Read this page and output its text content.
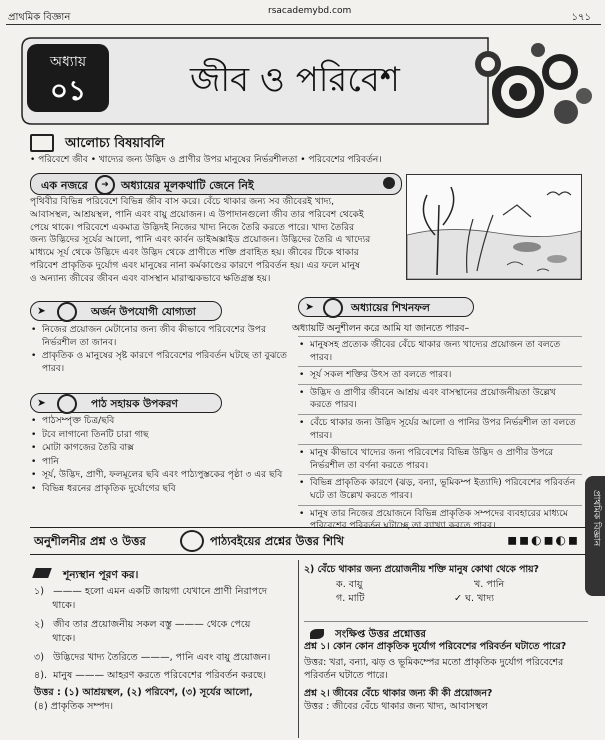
প্রাথমিক বিজ্ঞান
rsacademybd.com
১৭১
অধ্যায়
০১	জীব ও পরিবেশ
আলোচ্য বিষয়াবলি
• পরিবেশে জীব • খাদ্যের জন্য উদ্ভিদ ও প্রাণীর উপর মানুষের নির্ভরশীলতা • পরিবেশের পরিবর্তন।
এক নজরে	➜	অধ্যায়ের মূলকথাটি জেনে নিই
পৃথিবীর বিভিন্ন পরিবেশে বিভিন্ন জীব বাস করে। বেঁচে থাকার জন্য সব জীবেরই খাদ্য,
আবাসস্থল, আশ্রয়স্থল, পানি এবং বায়ু প্রয়োজন। এ উপাদানগুলো জীব তার পরিবেশ থেকেই
পেয়ে থাকে। পরিবেশে একমাত্র উদ্ভিদই নিজের খাদ্য নিজে তৈরি করতে পারে। খাদ্য তৈরির
জন্য উদ্ভিদের সূর্যের আলো, পানি এবং কার্বন ডাইঅক্সাইড প্রয়োজন। উদ্ভিদের তৈরি এ খাদ্যের
মাধ্যমে সূর্য থেকে উদ্ভিদে এবং উদ্ভিদ থেকে প্রাণীতে শক্তি প্রবাহিত হয়। জীবের টিকে থাকার
পরিবেশ প্রাকৃতিক দুর্যোগ এবং মানুষের নানা কর্মকাণ্ডের কারণে পরিবর্তন হয়। এর ফলে মানুষ
ও অন্যান্য জীবের জীবন এবং বাসস্থান মারাত্মকভাবে ক্ষতিগ্রস্ত হয়।
➤	অর্জন উপযোগী যোগ্যতা
• নিজের প্রয়োজন মেটানোর জন্য জীব কীভাবে পরিবেশের উপর নির্ভরশীল তা জানব।
• প্রাকৃতিক ও মানুষের সৃষ্ট কারণে পরিবেশের পরিবর্তন ঘটছে তা বুঝতে পারব।
➤	পাঠ সহায়ক উপকরণ
• পাঠসম্পৃক্ত চিত্র/ছবি
• টবে লাগানো তিনটি চারা গাছ
• মোটা কাগজের তৈরি বাক্স
• পানি
• সূর্য, উদ্ভিদ, প্রাণী, ফলমূলের ছবি এবং পাঠ্যপুস্তকের পৃষ্ঠা ৩ এর ছবি
• বিভিন্ন ধরনের প্রাকৃতিক দুর্যোগের ছবি
➤	অধ্যায়ের শিখনফল
অধ্যায়টি অনুশীলন করে আমি যা জানতে পারব–
• মানুষসহ প্রত্যেক জীবের বেঁচে থাকার জন্য খাদ্যের প্রয়োজন তা বলতে পারব।
• সূর্য সকল শক্তির উৎস তা বলতে পারব।
• উদ্ভিদ ও প্রাণীর জীবনে আশ্রয় এবং বাসস্থানের প্রয়োজনীয়তা উল্লেখ করতে পারব।
• বেঁচে থাকার জন্য উদ্ভিদ সূর্যের আলো ও পানির উপর নির্ভরশীল তা বলতে পারব।
• মানুষ কীভাবে খাদ্যের জন্য পরিবেশের বিভিন্ন উদ্ভিদ ও প্রাণীর উপরে নির্ভরশীল তা বর্ণনা করতে পারব।
• বিভিন্ন প্রাকৃতিক কারণে (ঝড়, বন্যা, ভূমিকম্প ইত্যাদি) পরিবেশের পরিবর্তন ঘটে তা উল্লেখ করতে পারব।
• মানুষ তার নিজের প্রয়োজনে বিভিন্ন প্রাকৃতিক সম্পদের ব্যবহারের মাধ্যমে পরিবেশের পরিবর্তন ঘটাচ্ছে তা ব্যাখ্যা করতে পারব।	প্রাথমিক বিজ্ঞান
অনুশীলনীর প্রশ্ন ও উত্তর	পাঠ্যবইয়ের প্রশ্নের উত্তর শিখি	◼◼◐◼◐◼
শূন্যস্থান পূরণ কর।
১)   ——— হলো এমন একটি জায়গা যেখানে প্রাণী নিরাপদে
থাকে।
২)   জীব তার প্রয়োজনীয় সকল বস্তু ——— থেকে পেয়ে
থাকে।
৩)   উদ্ভিদের খাদ্য তৈরিতে ———, পানি এবং বায়ু প্রয়োজন।
৪).  মানুষ ——— আহরণ করতে পরিবেশের পরিবর্তন করছে।
উত্তর : (১) আশ্রয়স্থল, (২) পরিবেশ, (৩) সূর্যের আলো,
(৪) প্রাকৃতিক সম্পদ।
২) বেঁচে থাকার জন্য প্রয়োজনীয় শক্তি মানুষ কোথা থেকে পায়?
ক. বায়ু	খ. পানি
গ. মাটি	✓ ঘ. খাদ্য
সংক্ষিপ্ত উত্তর প্রশ্নোত্তর
প্রশ্ন ১। কোন কোন প্রাকৃতিক দুর্যোগ পরিবেশের পরিবর্তন ঘটাতে পারে?
উত্তর: খরা, বন্যা, ঝড় ও ভূমিকম্পের মতো প্রাকৃতিক দুর্যোগ পরিবেশের পরিবর্তন ঘটাতে পারে।
প্রশ্ন ২। জীবের বেঁচে থাকার জন্য কী কী প্রয়োজন?
উত্তর : জীবের বেঁচে থাকার জন্য খাদ্য, আবাসস্থল
